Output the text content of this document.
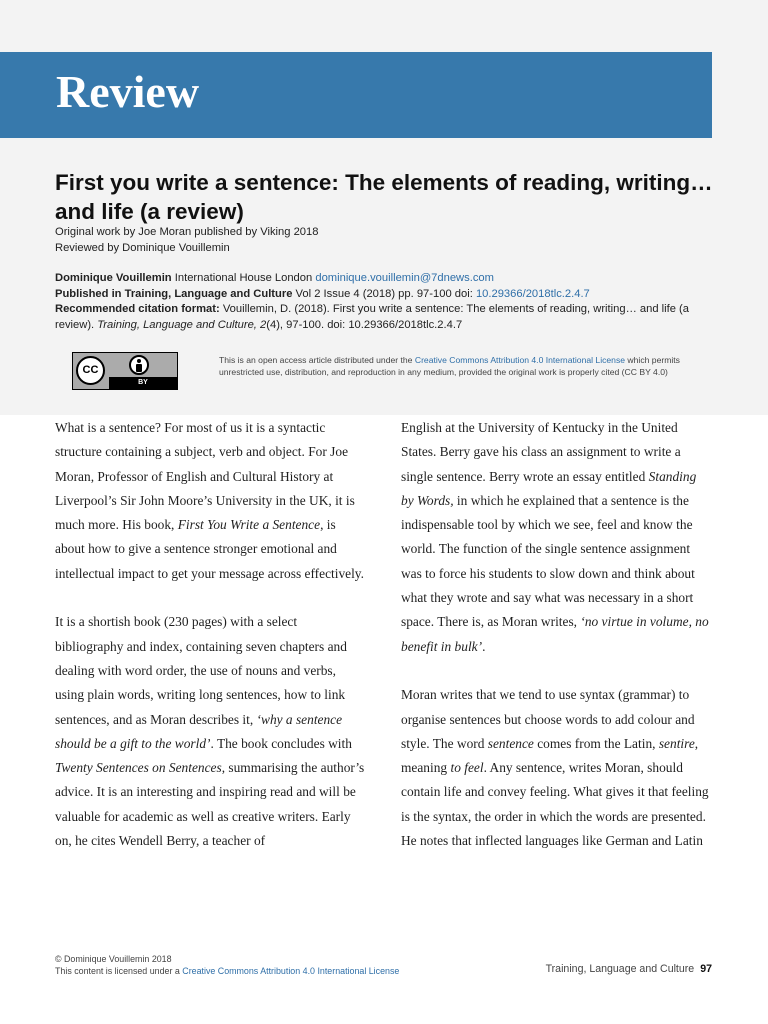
Review
First you write a sentence: The elements of reading, writing… and life (a review)
Original work by Joe Moran published by Viking 2018
Reviewed by Dominique Vouillemin

Dominique Vouillemin International House London dominique.vouillemin@7dnews.com

Published in Training, Language and Culture Vol 2 Issue 4 (2018) pp. 97-100 doi: 10.29366/2018tlc.2.4.7

Recommended citation format: Vouillemin, D. (2018). First you write a sentence: The elements of reading, writing… and life (a review). Training, Language and Culture, 2(4), 97-100. doi: 10.29366/2018tlc.2.4.7

CC
BY
This is an open access article distributed under the Creative Commons Attribution 4.0 International License which permits unrestricted use, distribution, and reproduction in any medium, provided the original work is properly cited (CC BY 4.0)

What is a sentence? For most of us it is a syntactic structure containing a subject, verb and object. For Joe Moran, Professor of English and Cultural History at Liverpool’s Sir John Moore’s University in the UK, it is much more. His book, First You Write a Sentence, is about how to give a sentence stronger emotional and intellectual impact to get your message across effectively.

It is a shortish book (230 pages) with a select bibliography and index, containing seven chapters and dealing with word order, the use of nouns and verbs, using plain words, writing long sentences, how to link sentences, and as Moran describes it, ‘why a sentence should be a gift to the world’. The book concludes with Twenty Sentences on Sentences, summarising the author’s advice. It is an interesting and inspiring read and will be valuable for academic as well as creative writers. Early on, he cites Wendell Berry, a teacher of

English at the University of Kentucky in the United States. Berry gave his class an assignment to write a single sentence. Berry wrote an essay entitled Standing by Words, in which he explained that a sentence is the indispensable tool by which we see, feel and know the world. The function of the single sentence assignment was to force his students to slow down and think about what they wrote and say what was necessary in a short space. There is, as Moran writes, ‘no virtue in volume, no benefit in bulk’.

Moran writes that we tend to use syntax (grammar) to organise sentences but choose words to add colour and style. The word sentence comes from the Latin, sentire, meaning to feel. Any sentence, writes Moran, should contain life and convey feeling. What gives it that feeling is the syntax, the order in which the words are presented. He notes that inflected languages like German and Latin

© Dominique Vouillemin 2018
This content is licensed under a Creative Commons Attribution 4.0 International License	Training, Language and Culture 97
